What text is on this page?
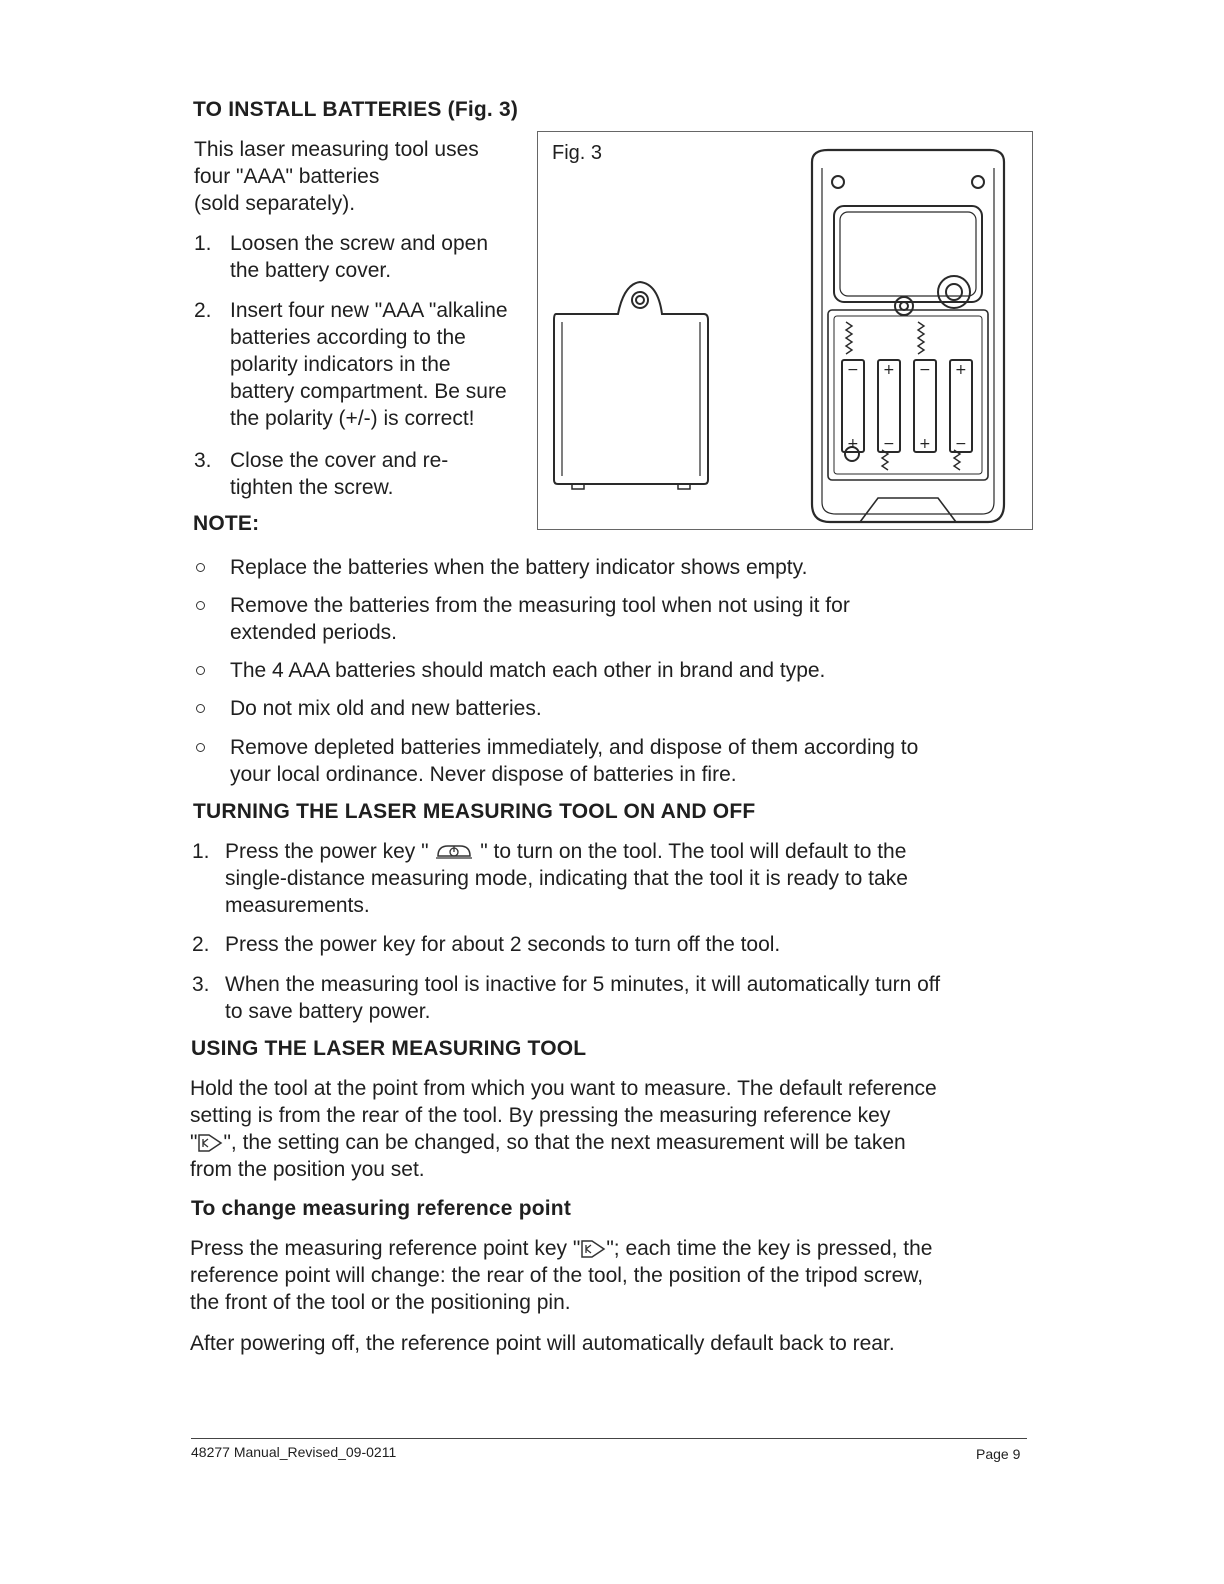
TO INSTALL BATTERIES (Fig. 3)

This laser measuring tool uses

four "AAA" batteries

(sold separately).

1. Loosen the screw and open

the battery cover.

2. Insert four new "AAA "alkaline

batteries according to the

polarity indicators in the

battery compartment. Be sure

the polarity (+/-) is correct!

3. Close the cover and re-

tighten the screw.

NOTE:
Fig. 3
− + − +
+ − + −

Replace the batteries when the battery indicator shows empty.

Remove the batteries from the measuring tool when not using it for

extended periods.

The 4 AAA batteries should match each other in brand and type.

Do not mix old and new batteries.

Remove depleted batteries immediately, and dispose of them according to

your local ordinance. Never dispose of batteries in fire.

TURNING THE LASER MEASURING TOOL ON AND OFF
1. Press the power key " " to turn on the tool. The tool will default to the

single-distance measuring mode, indicating that the tool it is ready to take

measurements.

2. Press the power key for about 2 seconds to turn off the tool.

3. When the measuring tool is inactive for 5 minutes, it will automatically turn off

to save battery power.

USING THE LASER MEASURING TOOL

Hold the tool at the point from which you want to measure. The default reference

setting is from the rear of the tool. By pressing the measuring reference key

" ", the setting can be changed, so that the next measurement will be taken

from the position you set.

To change measuring reference point

Press the measuring reference point key " "; each time the key is pressed, the

reference point will change: the rear of the tool, the position of the tripod screw,

the front of the tool or the positioning pin.

After powering off, the reference point will automatically default back to rear.

48277 Manual_Revised_09-0211	Page 9
